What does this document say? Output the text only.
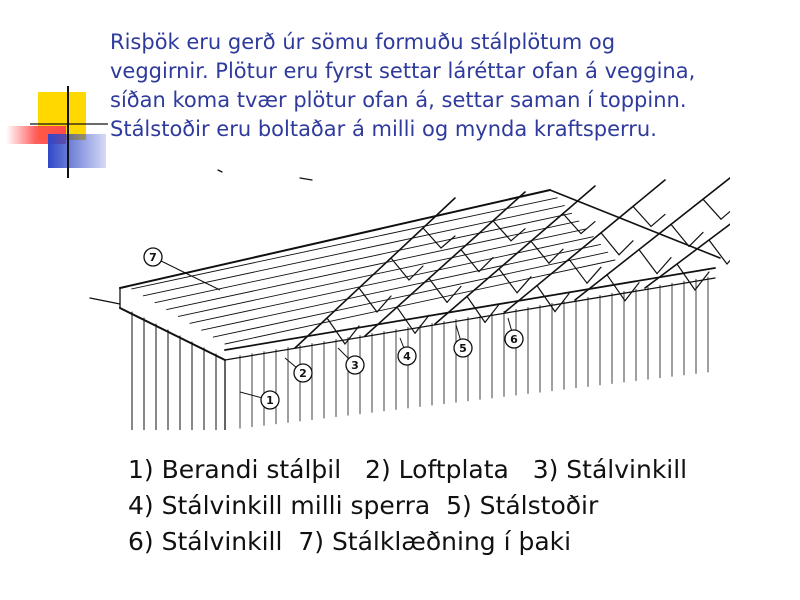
Risþök eru gerð úr sömu formuðu stálplötum og
veggirnir. Plötur eru fyrst settar láréttar ofan á veggina,
síðan koma tvær plötur ofan á, settar saman í toppinn.
Stálstoðir eru boltaðar á milli og mynda kraftsperru.
1
2
3
4
5
6
7
1) Berandi stálþil   2) Loftplata   3) Stálvinkill
4) Stálvinkill milli sperra  5) Stálstoðir
6) Stálvinkill  7) Stálklæðning í þaki
